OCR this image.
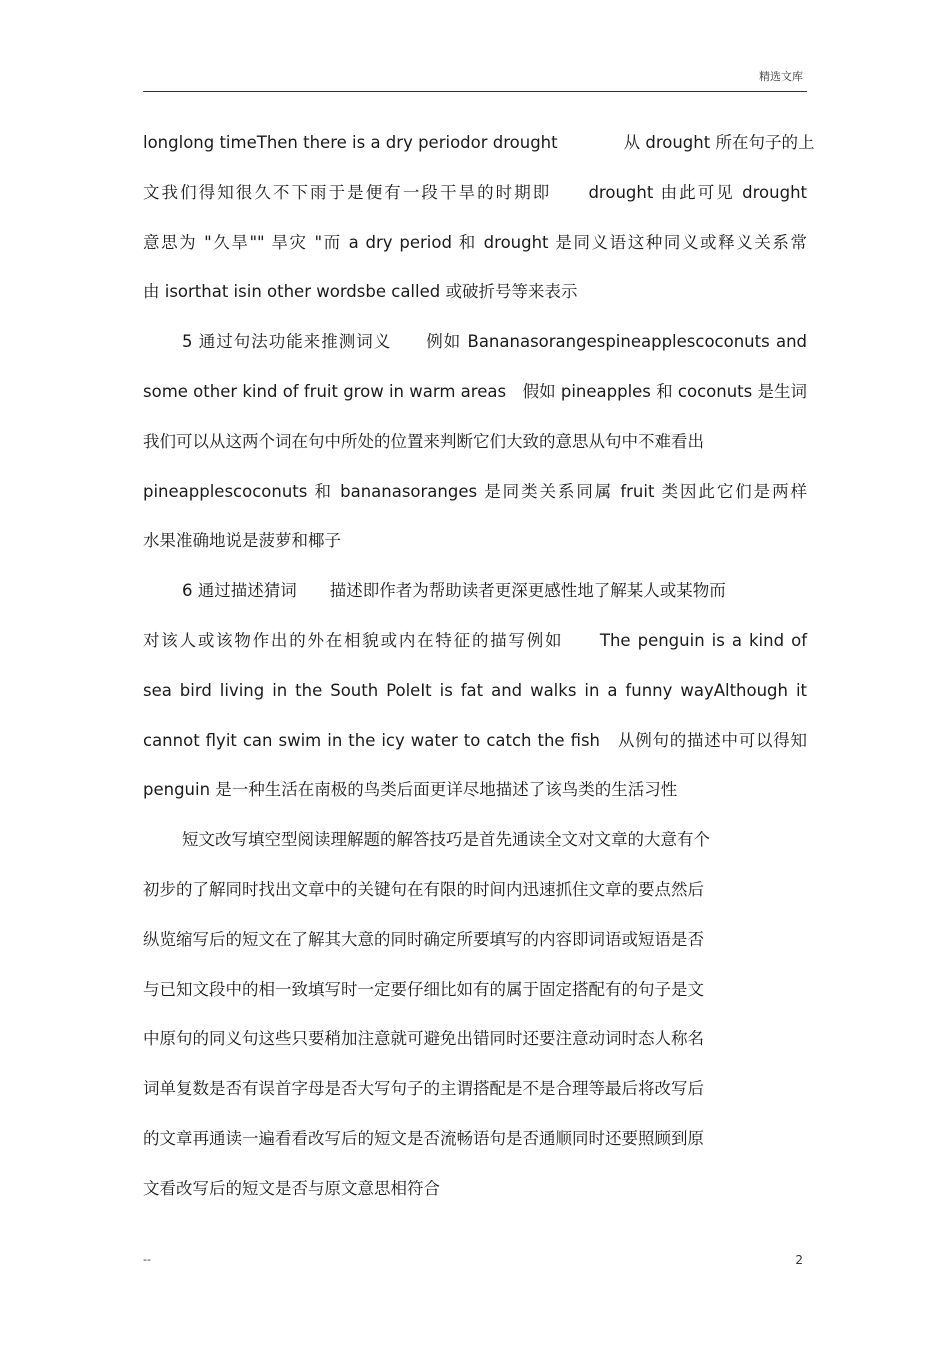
精选文库
longlong timeThen there is a dry periodor drought　　　　从 drought 所在句子的上
文我们得知很久不下雨于是便有一段干旱的时期即　　drought 由此可见 drought
意思为 "久旱"" 旱灾 "而 a dry period 和 drought 是同义语这种同义或释义关系常
由 isorthat isin other wordsbe called 或破折号等来表示
5 通过句法功能来推测词义　　例如 Bananasorangespineapplescoconuts and
some other kind of fruit grow in warm areas　假如 pineapples 和 coconuts 是生词
我们可以从这两个词在句中所处的位置来判断它们大致的意思从句中不难看出
pineapplescoconuts 和 bananasoranges 是同类关系同属 fruit 类因此它们是两样
水果准确地说是菠萝和椰子
6 通过描述猜词　　描述即作者为帮助读者更深更感性地了解某人或某物而
对该人或该物作出的外在相貌或内在特征的描写例如　　The penguin is a kind of
sea bird living in the South PoleIt is fat and walks in a funny wayAlthough it
cannot flyit can swim in the icy water to catch the fish　从例句的描述中可以得知
penguin 是一种生活在南极的鸟类后面更详尽地描述了该鸟类的生活习性
短文改写填空型阅读理解题的解答技巧是首先通读全文对文章的大意有个
初步的了解同时找出文章中的关键句在有限的时间内迅速抓住文章的要点然后
纵览缩写后的短文在了解其大意的同时确定所要填写的内容即词语或短语是否
与已知文段中的相一致填写时一定要仔细比如有的属于固定搭配有的句子是文
中原句的同义句这些只要稍加注意就可避免出错同时还要注意动词时态人称名
词单复数是否有误首字母是否大写句子的主谓搭配是不是合理等最后将改写后
的文章再通读一遍看看改写后的短文是否流畅语句是否通顺同时还要照顾到原
文看改写后的短文是否与原文意思相符合
--	2
